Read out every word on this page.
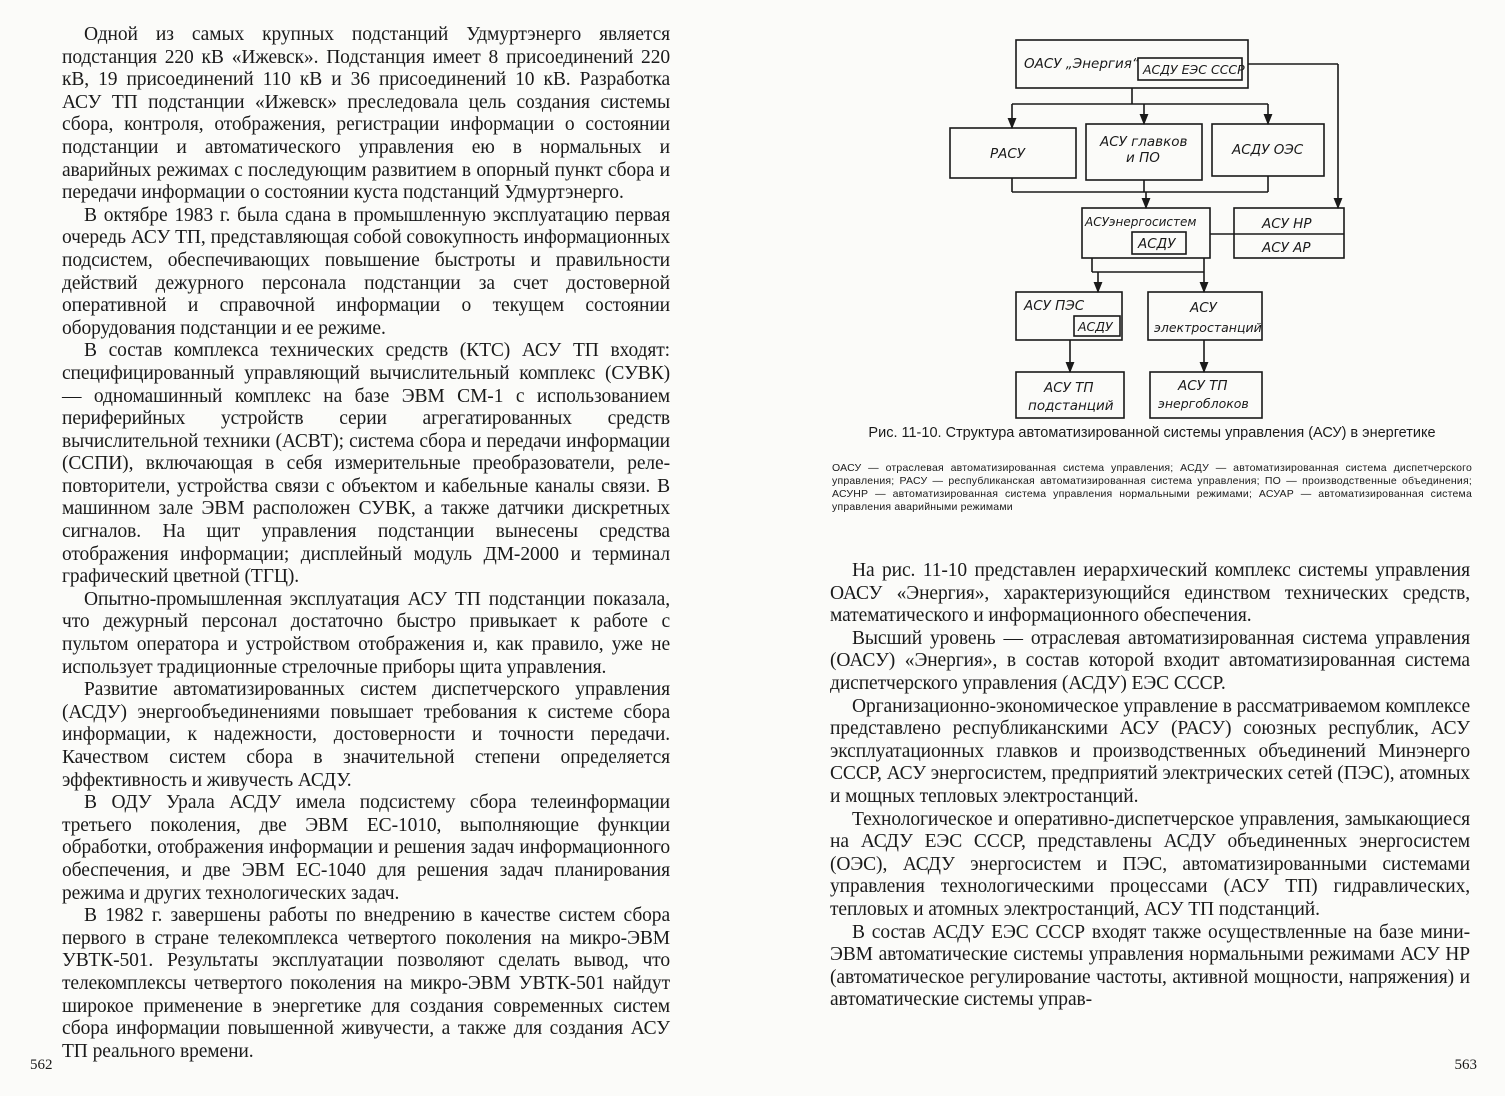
Одной из самых крупных подстанций Удмуртэнерго является подстанция 220 кВ «Ижевск». Подстанция имеет 8 присоединений 220 кВ, 19 присоединений 110 кВ и 36 присоединений 10 кВ. Разработка АСУ ТП подстанции «Ижевск» преследовала цель создания системы сбора, контроля, отображения, регистрации информации о состоянии подстанции и автоматического управления ею в нормальных и аварийных режимах с последующим развитием в опорный пункт сбора и передачи информации о состоянии куста подстанций Удмуртэнерго.

В октябре 1983 г. была сдана в промышленную эксплуатацию первая очередь АСУ ТП, представляющая собой совокупность информационных подсистем, обеспечивающих повышение быстроты и правильности действий дежурного персонала подстанции за счет достоверной оперативной и справочной информации о текущем состоянии оборудования подстанции и ее режиме.

В состав комплекса технических средств (КТС) АСУ ТП входят: специфицированный управляющий вычислительный комплекс (СУВК) — одномашинный комплекс на базе ЭВМ СМ-1 с использованием периферийных устройств серии агрегатированных средств вычислительной техники (АСВТ); система сбора и передачи информации (ССПИ), включающая в себя измерительные преобразователи, реле-повторители, устройства связи с объектом и кабельные каналы связи. В машинном зале ЭВМ расположен СУВК, а также датчики дискретных сигналов. На щит управления подстанции вынесены средства отображения информации; дисплейный модуль ДМ-2000 и терминал графический цветной (ТГЦ).

Опытно-промышленная эксплуатация АСУ ТП подстанции показала, что дежурный персонал достаточно быстро привыкает к работе с пультом оператора и устройством отображения и, как правило, уже не использует традиционные стрелочные приборы щита управления.

Развитие автоматизированных систем диспетчерского управления (АСДУ) энергообъединениями повышает требования к системе сбора информации, к надежности, достоверности и точности передачи. Качеством систем сбора в значительной степени определяется эффективность и живучесть АСДУ.

В ОДУ Урала АСДУ имела подсистему сбора телеинформации третьего поколения, две ЭВМ ЕС-1010, выполняющие функции обработки, отображения информации и решения задач информационного обеспечения, и две ЭВМ ЕС-1040 для решения задач планирования режима и других технологических задач.

В 1982 г. завершены работы по внедрению в качестве систем сбора первого в стране телекомплекса четвертого поколения на микро-ЭВМ УВТК-501. Результаты эксплуатации позволяют сделать вывод, что телекомплексы четвертого поколения на микро-ЭВМ УВТК-501 найдут широкое применение в энергетике для создания современных систем сбора информации повышенной живучести, а также для создания АСУ ТП реального времени.

562
ОАСУ „Энергия“ АСДУ ЕЭС СССР
РАСУ
АСУ главков
и ПО	АСДУ ОЭС
АСУэнергосистем
АСДУ
АСУ НР
АСУ АР
АСУ ПЭС
АСДУ
АСУ
электростанций
АСУ ТП
подстанций
АСУ ТП
энергоблоков
Рис. 11-10. Структура автоматизированной системы управления (АСУ) в энергетике
ОАСУ — отраслевая автоматизированная система управления; АСДУ — автоматизированная система диспетчерского управления; РАСУ — республиканская автоматизированная система управления; ПО — производственные объединения; АСУНР — автоматизированная система управления нормальными режимами; АСУАР — автоматизированная система управления аварийными режимами

На рис. 11-10 представлен иерархический комплекс системы управления ОАСУ «Энергия», характеризующийся единством технических средств, математического и информационного обеспечения.

Высший уровень — отраслевая автоматизированная система управления (ОАСУ) «Энергия», в состав которой входит автоматизированная система диспетчерского управления (АСДУ) ЕЭС СССР.

Организационно-экономическое управление в рассматриваемом комплексе представлено республиканскими АСУ (РАСУ) союзных республик, АСУ эксплуатационных главков и производственных объединений Минэнерго СССР, АСУ энергосистем, предприятий электрических сетей (ПЭС), атомных и мощных тепловых электростанций.

Технологическое и оперативно-диспетчерское управления, замыкающиеся на АСДУ ЕЭС СССР, представлены АСДУ объединенных энергосистем (ОЭС), АСДУ энергосистем и ПЭС, автоматизированными системами управления технологическими процессами (АСУ ТП) гидравлических, тепловых и атомных электростанций, АСУ ТП подстанций.

В состав АСДУ ЕЭС СССР входят также осуществленные на базе мини-ЭВМ автоматические системы управления нормальными режимами АСУ НР (автоматическое регулирование частоты, активной мощности, напряжения) и автоматические системы управ-

563
